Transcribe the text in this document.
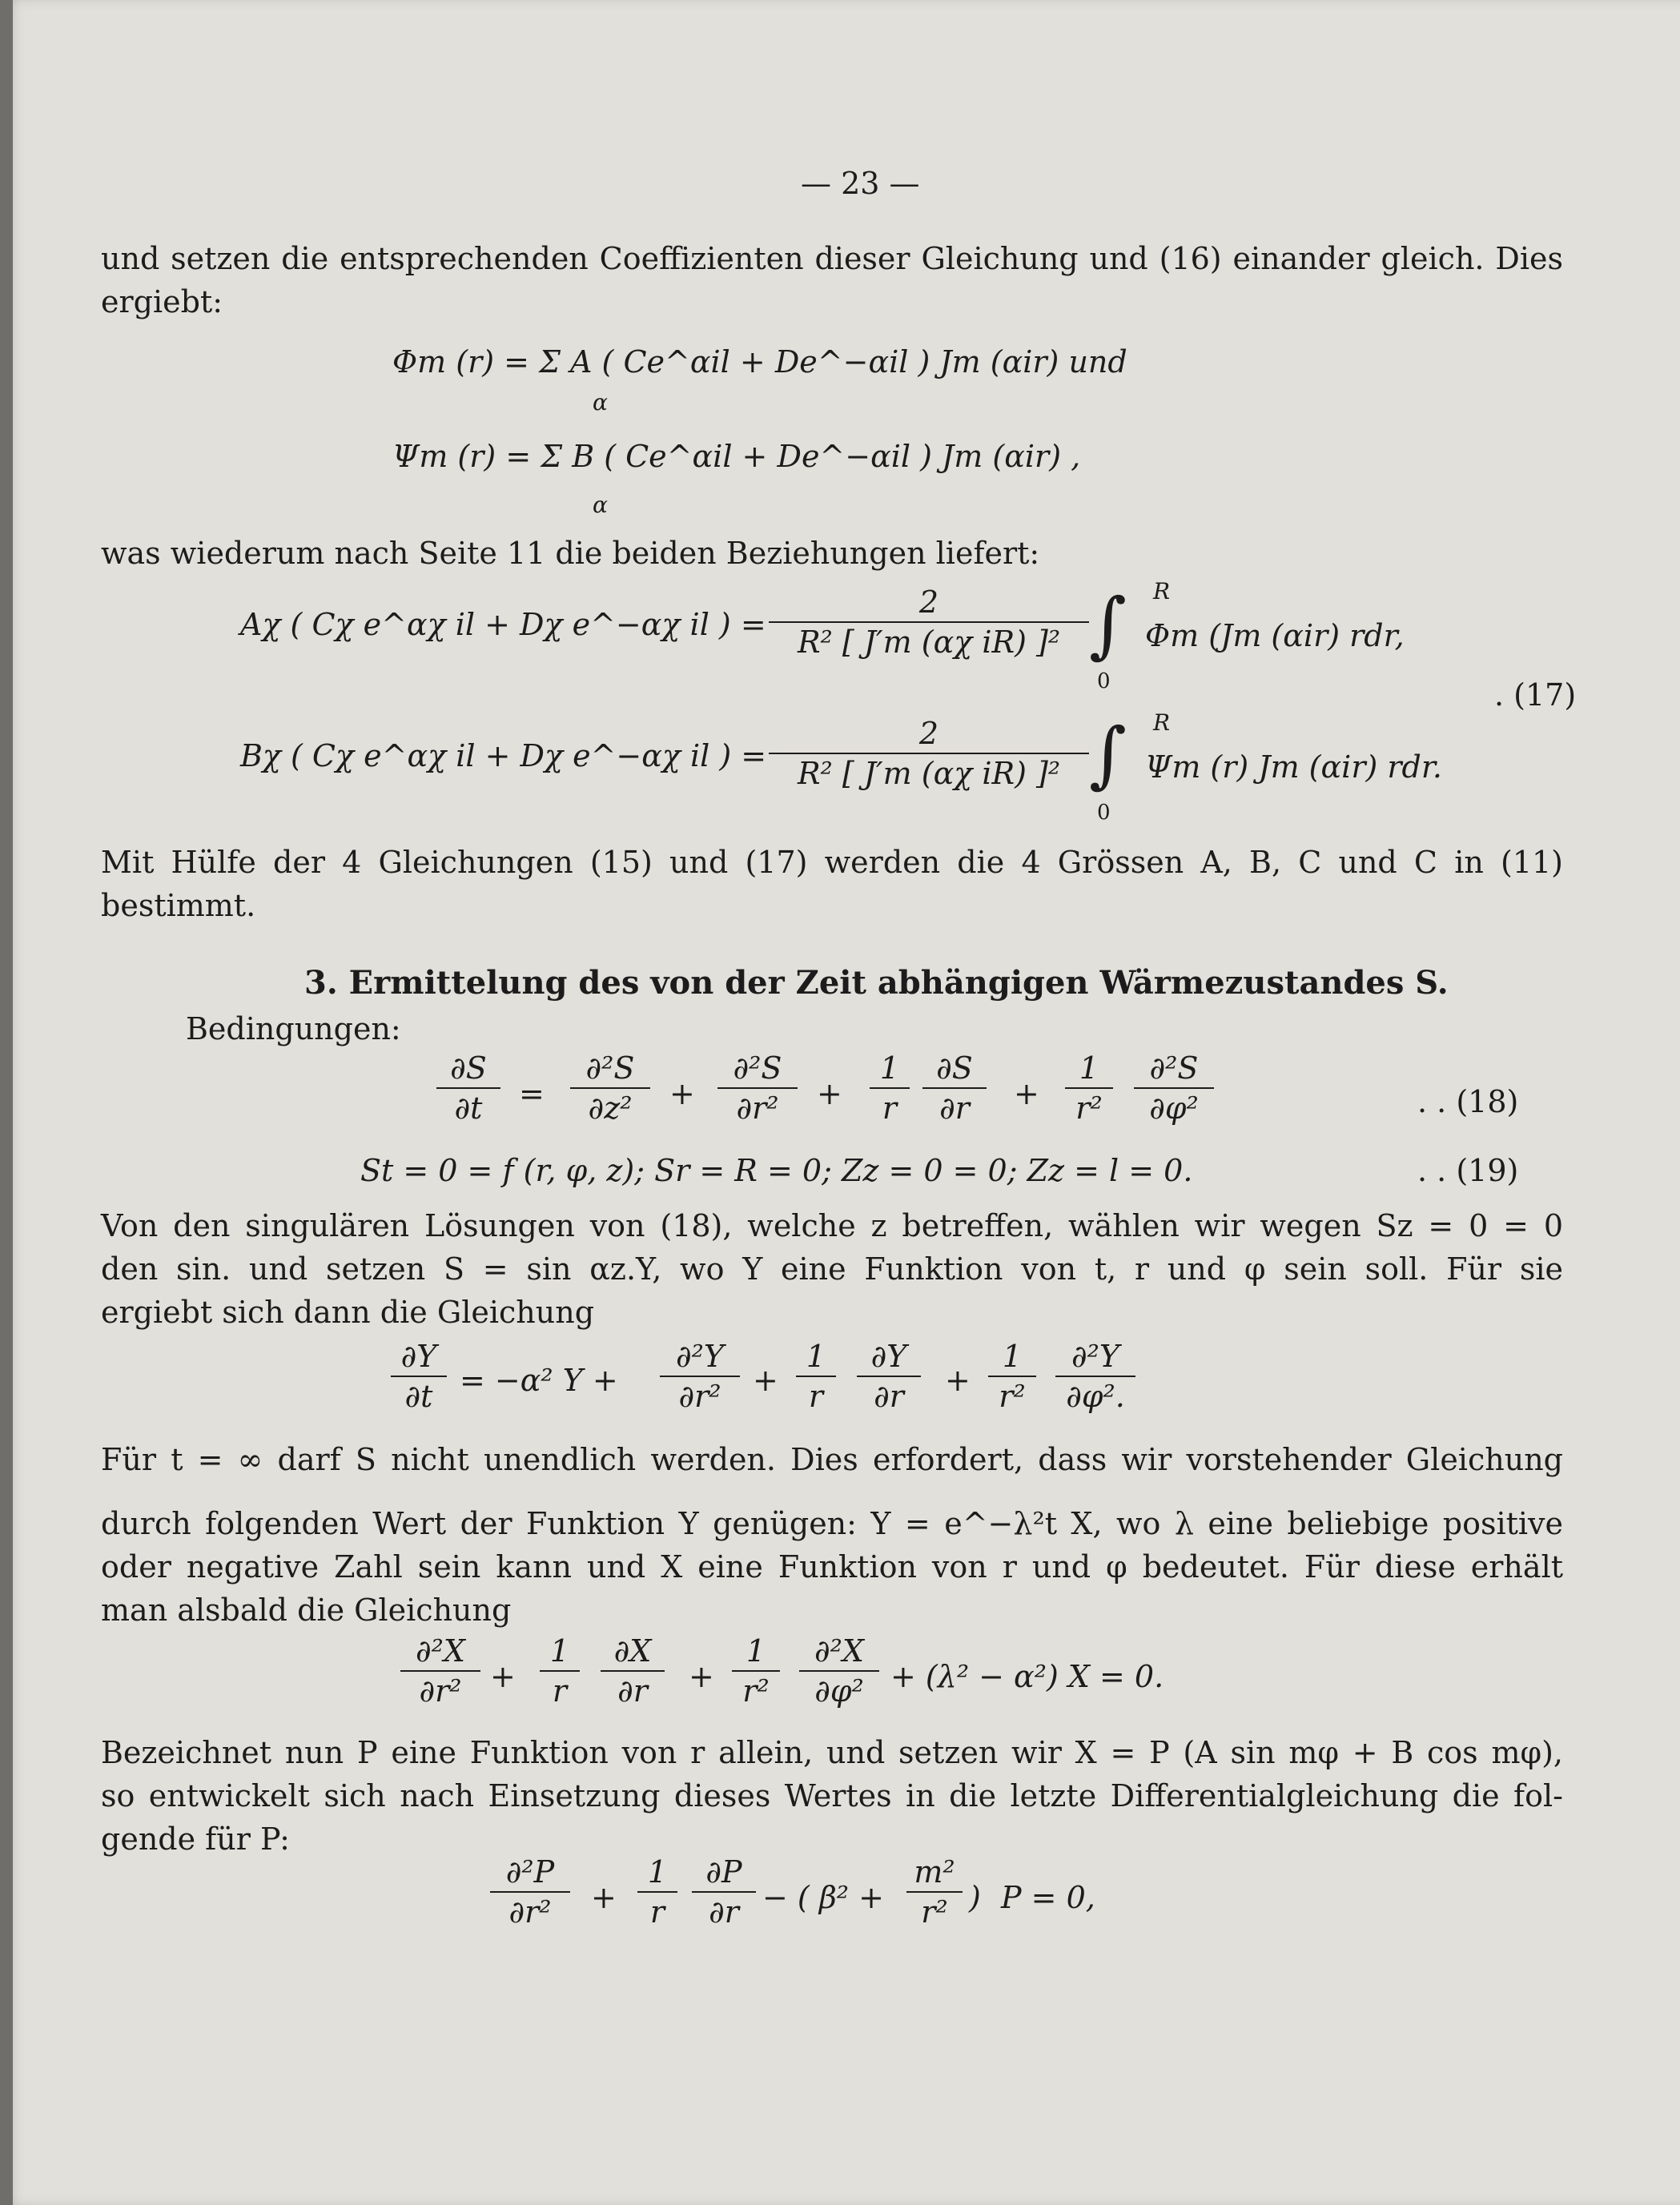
— 23 —
und setzen die entsprechenden Coeffizienten dieser Gleichung und (16) einander gleich. Dies
ergiebt:
Φm (r) = Σ A ( Ce^αil + De^−αil ) Jm (αir) und
α
Ψm (r) = Σ B ( Ce^αil + De^−αil ) Jm (αir) ,
α
was wiederum nach Seite 11 die beiden Beziehungen liefert:
Aχ ( Cχ e^αχ il + Dχ e^−αχ il ) = $\frac{2}{\text{R² [ J′m (αχ iR) ]²}}$ ∫ R
0
Φm (Jm (αir) rdr,
. (17)
Bχ ( Cχ e^αχ il + Dχ e^−αχ il ) = $\frac{2}{\text{R² [ J′m (αχ iR) ]²}}$ ∫ R
0
Ψm (r) Jm (αir) rdr.
Mit Hülfe der 4 Gleichungen (15) und (17) werden die 4 Grössen A, B, C und C in (11)
bestimmt.
3. Ermittelung des von der Zeit abhängigen Wärmezustandes S.
Bedingungen:
$\frac{\partial S}{\partial t} = \frac{\text{∂²S}}{\text{∂z²}} + \frac{\text{∂²S}}{\text{∂r²}} + \frac{1}{r} \frac{\partial S}{\partial r} + \frac{1}{\text{r²}} \frac{\text{∂²S}}{\text{∂φ²}}$	. . (18)
St = 0 = f (r, φ, z); Sr = R = 0; Zz = 0 = 0; Zz = l = 0.	. . (19)
Von den singulären Lösungen von (18), welche z betreffen, wählen wir wegen Sz = 0 = 0
den sin. und setzen S = sin αz.Y, wo Y eine Funktion von t, r und φ sein soll. Für sie
ergiebt sich dann die Gleichung
$\frac{\partial Y}{\partial t} = -\alpha^2$ $Y + \frac{\text{∂²Y}}{\text{∂r²}} + \frac{1}{r} \frac{\partial Y}{\partial r} + \frac{1}{\text{r²}} \frac{\text{∂²Y}}{\text{∂φ².}}$
Für t = ∞ darf S nicht unendlich werden. Dies erfordert, dass wir vorstehender Gleichung
durch folgenden Wert der Funktion Y genügen: Y = e^−λ²t X, wo λ eine beliebige positive
oder negative Zahl sein kann und X eine Funktion von r und φ bedeutet. Für diese erhält
man alsbald die Gleichung
$\frac{\text{∂²X}}{\text{∂r²}} + \frac{1}{r} \frac{\partial X}{\partial r} + \frac{1}{\text{r²}} \frac{\text{∂²X}}{\text{∂φ²}} + (\lambda^2 - \alpha^2) X = 0$.
Bezeichnet nun P eine Funktion von r allein, und setzen wir X = P (A sin mφ + B cos mφ),
so entwickelt sich nach Einsetzung dieses Wertes in die letzte Differentialgleichung die fol-
gende für P:
$\frac{\text{∂²P}}{\text{∂r²}} + \frac{1}{r} \frac{\partial P}{\partial r}$ − ( $\beta^2 + \frac{\text{m²}}{\text{r²}}$ ) P = 0,
